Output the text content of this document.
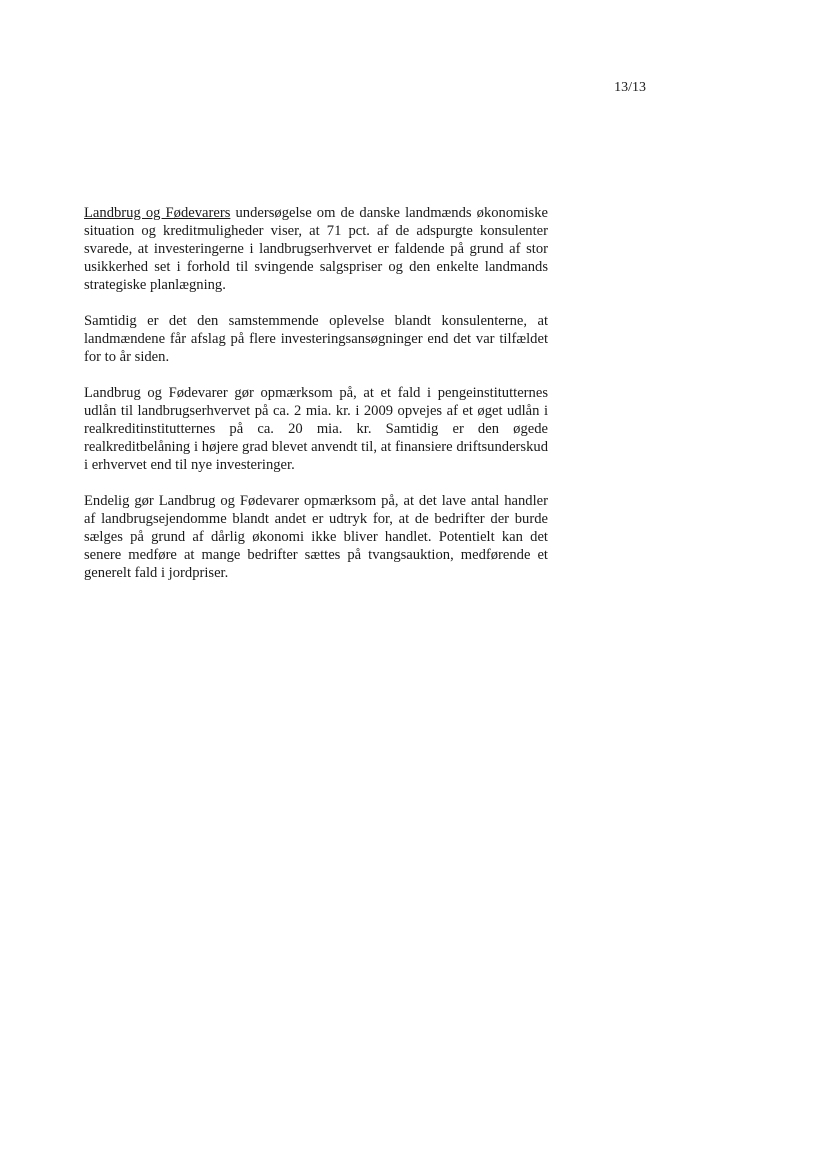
13/13

Landbrug og Fødevarers undersøgelse om de danske landmænds økonomiske situation og kreditmuligheder viser, at 71 pct. af de adspurgte konsulenter svarede, at investeringerne i landbrugserhvervet er faldende på grund af stor usikkerhed set i forhold til svingende salgspriser og den enkelte landmands strategiske planlægning.

Samtidig er det den samstemmende oplevelse blandt konsulenterne, at landmændene får afslag på flere investeringsansøgninger end det var tilfældet for to år siden.

Landbrug og Fødevarer gør opmærksom på, at et fald i pengeinstitutternes udlån til landbrugserhvervet på ca. 2 mia. kr. i 2009 opvejes af et øget udlån i realkreditinstitutternes på ca. 20 mia. kr. Samtidig er den øgede realkreditbelåning i højere grad blevet anvendt til, at finansiere driftsunderskud i erhvervet end til nye investeringer.

Endelig gør Landbrug og Fødevarer opmærksom på, at det lave antal handler af landbrugsejendomme blandt andet er udtryk for, at de bedrifter der burde sælges på grund af dårlig økonomi ikke bliver handlet. Potentielt kan det senere medføre at mange bedrifter sættes på tvangsauktion, medførende et generelt fald i jordpriser.
